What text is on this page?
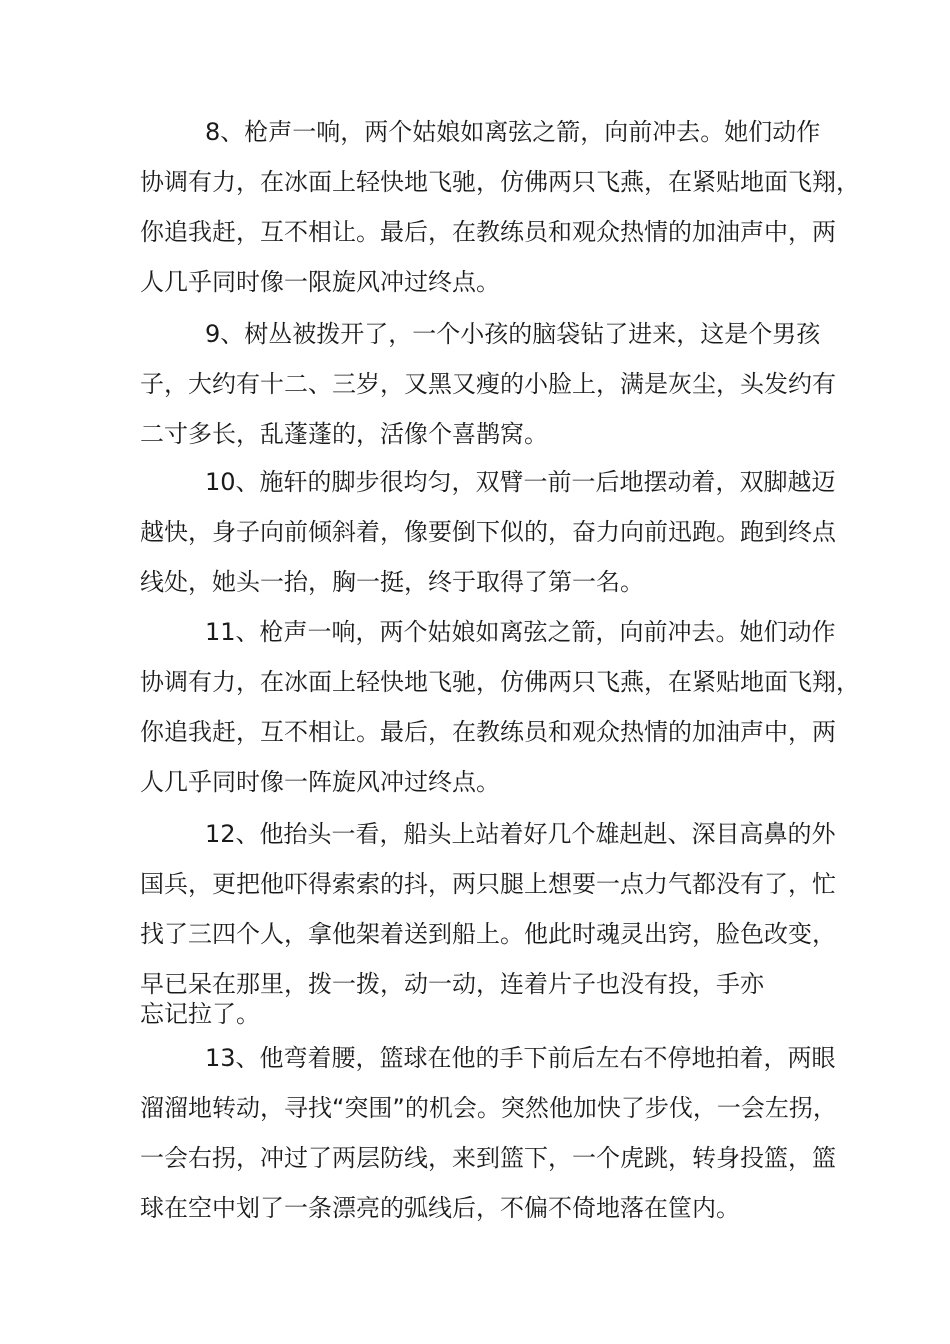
8、枪声一响，两个姑娘如离弦之箭，向前冲去。她们动作
协调有力，在冰面上轻快地飞驰，仿佛两只飞燕，在紧贴地面飞翔，
你追我赶，互不相让。最后，在教练员和观众热情的加油声中，两
人几乎同时像一限旋风冲过终点。
9、树丛被拨开了，一个小孩的脑袋钻了进来，这是个男孩
子，大约有十二、三岁，又黑又瘦的小脸上，满是灰尘，头发约有
二寸多长，乱蓬蓬的，活像个喜鹊窝。
10、施轩的脚步很均匀，双臂一前一后地摆动着，双脚越迈
越快，身子向前倾斜着，像要倒下似的，奋力向前迅跑。跑到终点
线处，她头一抬，胸一挺，终于取得了第一名。
11、枪声一响，两个姑娘如离弦之箭，向前冲去。她们动作
协调有力，在冰面上轻快地飞驰，仿佛两只飞燕，在紧贴地面飞翔，
你追我赶，互不相让。最后，在教练员和观众热情的加油声中，两
人几乎同时像一阵旋风冲过终点。
12、他抬头一看，船头上站着好几个雄赳赳、深目高鼻的外
国兵，更把他吓得索索的抖，两只腿上想要一点力气都没有了，忙
找了三四个人，拿他架着送到船上。他此时魂灵出窍，脸色改变，
早已呆在那里，拨一拨，动一动，连着片子也没有投，手亦
忘记拉了。
13、他弯着腰，篮球在他的手下前后左右不停地拍着，两眼
溜溜地转动，寻找“突围”的机会。突然他加快了步伐，一会左拐，
一会右拐，冲过了两层防线，来到篮下，一个虎跳，转身投篮，篮
球在空中划了一条漂亮的弧线后，不偏不倚地落在筐内。
